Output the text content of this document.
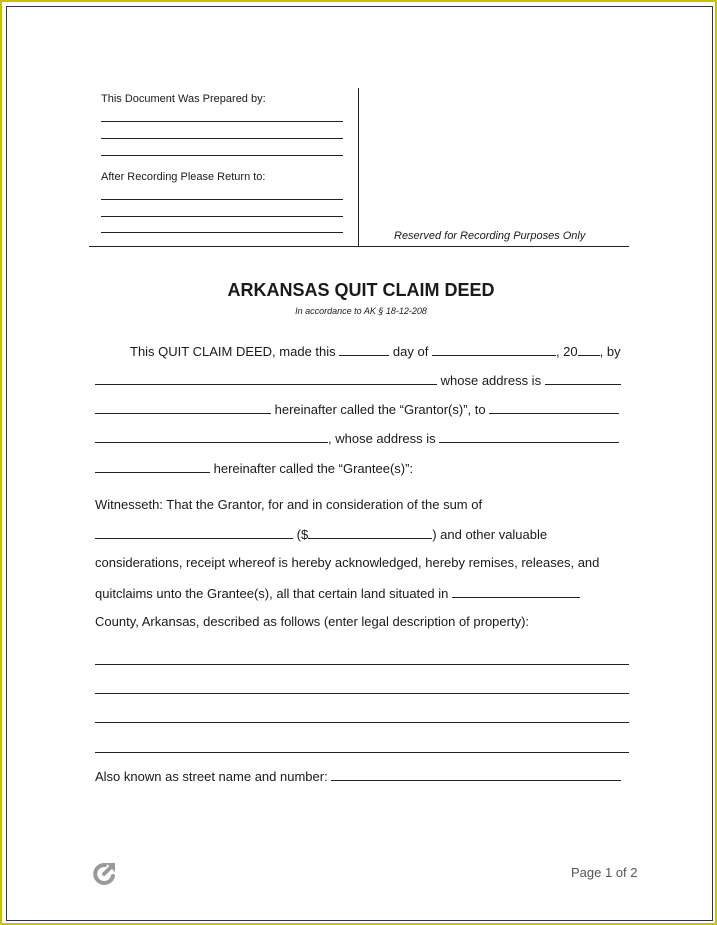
This Document Was Prepared by:
After Recording Please Return to:
Reserved for Recording Purposes Only
ARKANSAS QUIT CLAIM DEED
In accordance to AK § 18-12-208
This QUIT CLAIM DEED, made this	day of	, 20 , by
whose address is
hereinafter called the “Grantor(s)”, to
, whose address is
hereinafter called the “Grantee(s)”:
Witnesseth: That the Grantor, for and in consideration of the sum of
($	) and other valuable
considerations, receipt whereof is hereby acknowledged, hereby remises, releases, and
quitclaims unto the Grantee(s), all that certain land situated in
County, Arkansas, described as follows (enter legal description of property):
Also known as street name and number:
Page 1 of 2
